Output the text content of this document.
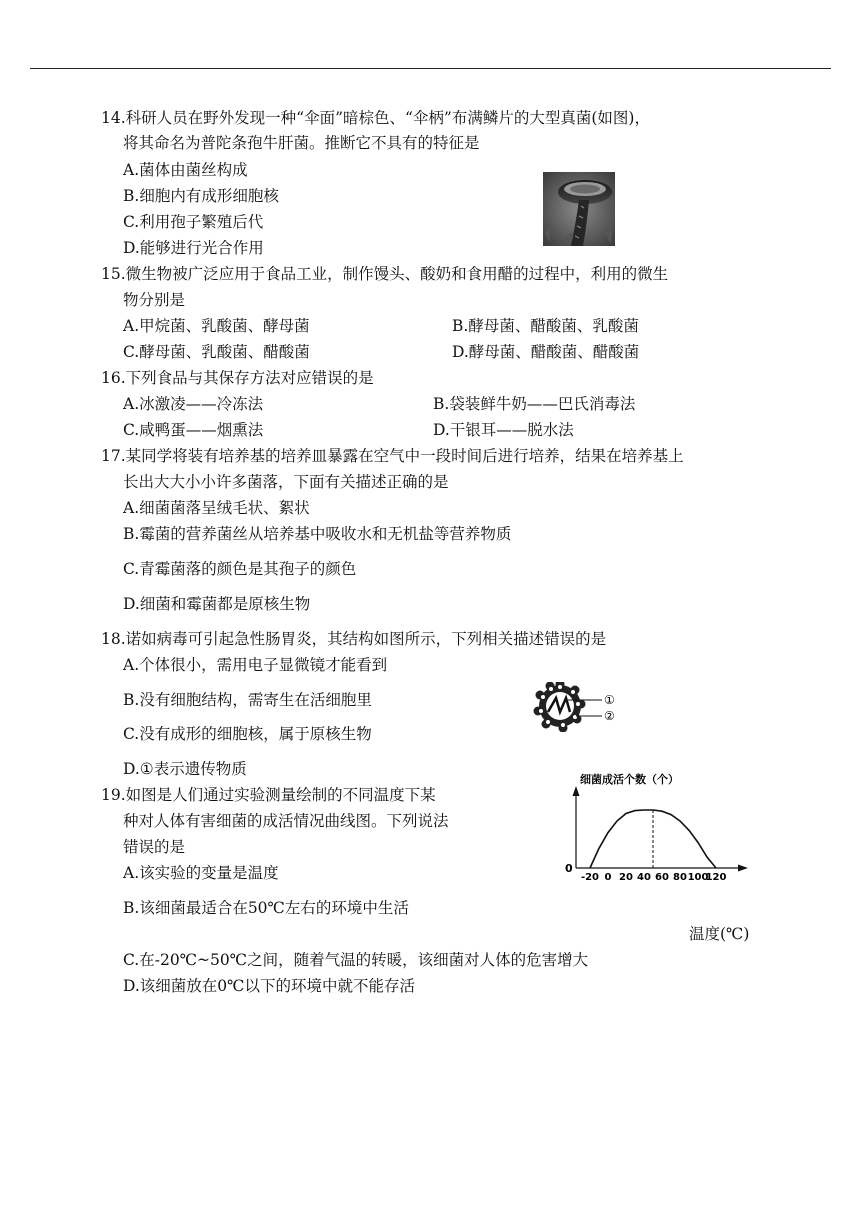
14.科研人员在野外发现一种“伞面”暗棕色、“伞柄”布满鳞片的大型真菌(如图)，
将其命名为普陀条孢牛肝菌。推断它不具有的特征是
A.菌体由菌丝构成
B.细胞内有成形细胞核
C.利用孢子繁殖后代
D.能够进行光合作用
15.微生物被广泛应用于食品工业，制作馒头、酸奶和食用醋的过程中，利用的微生
物分别是
A.甲烷菌、乳酸菌、酵母菌	B.酵母菌、醋酸菌、乳酸菌
C.酵母菌、乳酸菌、醋酸菌	D.酵母菌、醋酸菌、醋酸菌
16.下列食品与其保存方法对应错误的是
A.冰激凌——冷冻法	B.袋装鲜牛奶——巴氏消毒法
C.咸鸭蛋——烟熏法	D.干银耳——脱水法
17.某同学将装有培养基的培养皿暴露在空气中一段时间后进行培养，结果在培养基上
长出大大小小许多菌落，下面有关描述正确的是
A.细菌菌落呈绒毛状、絮状
B.霉菌的营养菌丝从培养基中吸收水和无机盐等营养物质
C.青霉菌落的颜色是其孢子的颜色
D.细菌和霉菌都是原核生物
18.诺如病毒可引起急性肠胃炎，其结构如图所示，下列相关描述错误的是
A.个体很小，需用电子显微镜才能看到
B.没有细胞结构，需寄生在活细胞里
C.没有成形的细胞核，属于原核生物
D.①表示遗传物质
①
②
19.如图是人们通过实验测量绘制的不同温度下某
种对人体有害细菌的成活情况曲线图。下列说法
错误的是
A.该实验的变量是温度
B.该细菌最适合在50℃左右的环境中生活
细菌成活个数（个）
0
-20 0 20 40 60 80 100
120
温度(℃)
C.在-20℃~50℃之间，随着气温的转暖，该细菌对人体的危害增大
D.该细菌放在0℃以下的环境中就不能存活
